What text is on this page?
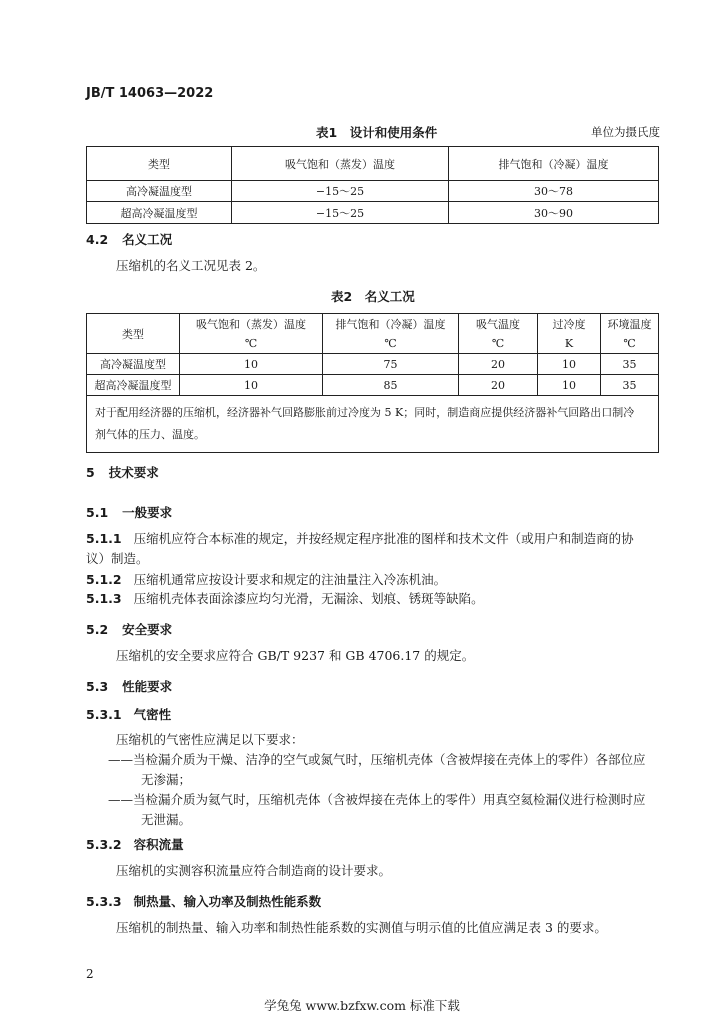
JB/T 14063—2022
表1　设计和使用条件	单位为摄氏度
类型	吸气饱和（蒸发）温度	排气饱和（冷凝）温度
高冷凝温度型	−15～25	30～78
超高冷凝温度型	−15～25	30～90
4.2 名义工况
压缩机的名义工况见表 2。
表2　名义工况
类型	吸气饱和（蒸发）温度	排气饱和（冷凝）温度	吸气温度	过冷度	环境温度
	℃	℃	℃	K	℃
高冷凝温度型	10	75	20	10	35
超高冷凝温度型	10	85	20	10	35

对于配用经济器的压缩机，经济器补气回路膨胀前过冷度为 5 K；同时，制造商应提供经济器补气回路出口制冷
剂气体的压力、温度。					
5 技术要求
5.1 一般要求
5.1.1 压缩机应符合本标准的规定，并按经规定程序批准的图样和技术文件（或用户和制造商的协
议）制造。
5.1.2 压缩机通常应按设计要求和规定的注油量注入冷冻机油。
5.1.3 压缩机壳体表面涂漆应均匀光滑，无漏涂、划痕、锈斑等缺陷。
5.2 安全要求
压缩机的安全要求应符合 GB/T 9237 和 GB 4706.17 的规定。
5.3 性能要求
5.3.1 气密性
压缩机的气密性应满足以下要求：
——当检漏介质为干燥、洁净的空气或氮气时，压缩机壳体（含被焊接在壳体上的零件）各部位应
无渗漏；
——当检漏介质为氦气时，压缩机壳体（含被焊接在壳体上的零件）用真空氦检漏仪进行检测时应
无泄漏。
5.3.2 容积流量
压缩机的实测容积流量应符合制造商的设计要求。
5.3.3 制热量、输入功率及制热性能系数
压缩机的制热量、输入功率和制热性能系数的实测值与明示值的比值应满足表 3 的要求。
2
学兔兔 www.bzfxw.com 标准下载
